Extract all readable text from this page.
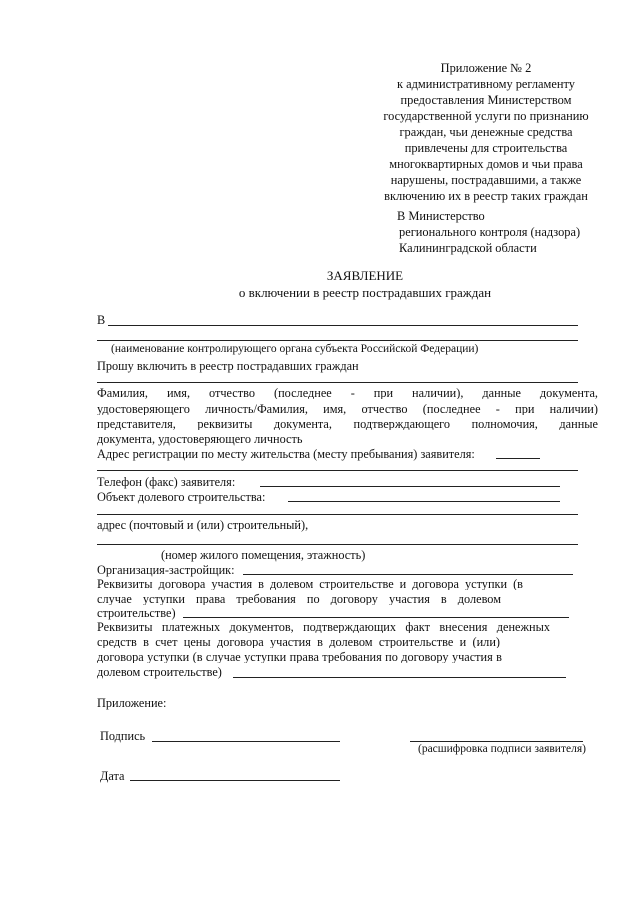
Приложение № 2
к административному регламенту
предоставления Министерством
государственной услуги по признанию
граждан, чьи денежные средства
привлечены для строительства
многоквартирных домов и чьи права
нарушены, пострадавшими, а также
включению их в реестр таких граждан
В Министерство
регионального контроля (надзора)
Калининградской области
ЗАЯВЛЕНИЕ
о включении в реестр пострадавших граждан
В
(наименование контролирующего органа субъекта Российской Федерации)
Прошу включить в реестр пострадавших граждан
Фамилия, имя, отчество (последнее - при наличии), данные документа,
удостоверяющего личность/Фамилия, имя, отчество (последнее - при наличии)
представителя, реквизиты документа, подтверждающего полномочия, данные
документа, удостоверяющего личность
Адрес регистрации по месту жительства (месту пребывания) заявителя:
Телефон (факс) заявителя:
Объект долевого строительства:
адрес (почтовый и (или) строительный),
(номер жилого помещения, этажность)
Организация-застройщик:
Реквизиты договора участия в долевом строительстве и договора уступки (в
случае уступки права требования по договору участия в долевом
строительстве)
Реквизиты платежных документов, подтверждающих факт внесения денежных
средств в счет цены договора участия в долевом строительстве и (или)
договора уступки (в случае уступки права требования по договору участия в
долевом строительстве)
Приложение:
Подпись
(расшифровка подписи заявителя)
Дата
